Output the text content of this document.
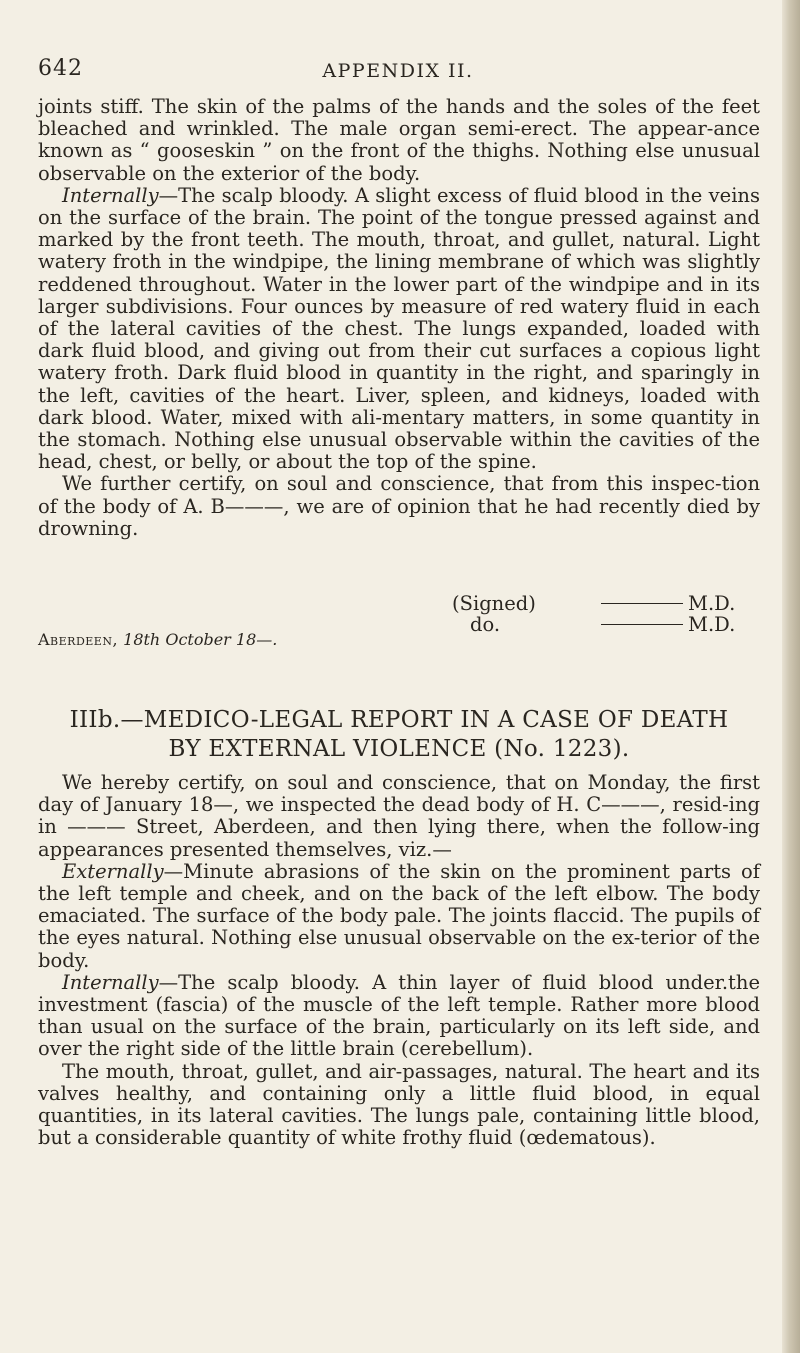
642	APPENDIX II.

joints stiff. The skin of the palms of the hands and the soles of the feet bleached and wrinkled. The male organ semi-erect. The appear-ance known as “ gooseskin ” on the front of the thighs. Nothing else unusual observable on the exterior of the body.

Internally—The scalp bloody. A slight excess of fluid blood in the veins on the surface of the brain. The point of the tongue pressed against and marked by the front teeth. The mouth, throat, and gullet, natural. Light watery froth in the windpipe, the lining membrane of which was slightly reddened throughout. Water in the lower part of the windpipe and in its larger subdivisions. Four ounces by measure of red watery fluid in each of the lateral cavities of the chest. The lungs expanded, loaded with dark fluid blood, and giving out from their cut surfaces a copious light watery froth. Dark fluid blood in quantity in the right, and sparingly in the left, cavities of the heart. Liver, spleen, and kidneys, loaded with dark blood. Water, mixed with ali-mentary matters, in some quantity in the stomach. Nothing else unusual observable within the cavities of the head, chest, or belly, or about the top of the spine.

We further certify, on soul and conscience, that from this inspec-tion of the body of A. B———, we are of opinion that he had recently died by drowning.

(Signed)
do.
M.D.
M.D.
Aberdeen, 18th October 18—.
IIIb.—MEDICO-LEGAL REPORT IN A CASE OF DEATH
BY EXTERNAL VIOLENCE (No. 1223).

We hereby certify, on soul and conscience, that on Monday, the first day of January 18—, we inspected the dead body of H. C———, resid-ing in ——— Street, Aberdeen, and then lying there, when the follow-ing appearances presented themselves, viz.—

Externally—Minute abrasions of the skin on the prominent parts of the left temple and cheek, and on the back of the left elbow. The body emaciated. The surface of the body pale. The joints flaccid. The pupils of the eyes natural. Nothing else unusual observable on the ex-terior of the body.

Internally—The scalp bloody. A thin layer of fluid blood under.the investment (fascia) of the muscle of the left temple. Rather more blood than usual on the surface of the brain, particularly on its left side, and over the right side of the little brain (cerebellum).

The mouth, throat, gullet, and air-passages, natural. The heart and its valves healthy, and containing only a little fluid blood, in equal quantities, in its lateral cavities. The lungs pale, containing little blood, but a considerable quantity of white frothy fluid (œdematous).
